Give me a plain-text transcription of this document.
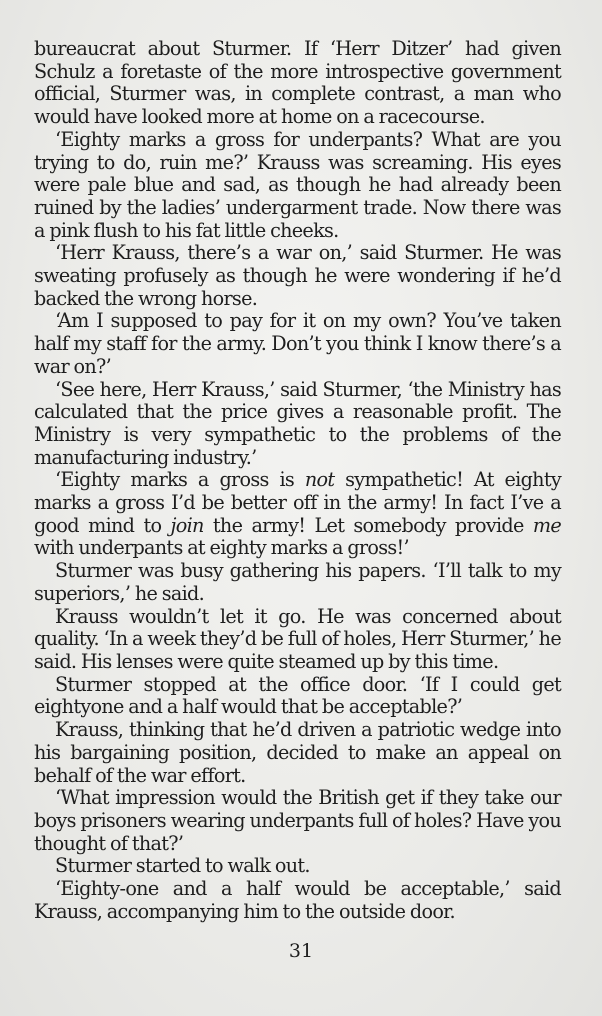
bureaucrat about Sturmer. If ‘Herr Ditzer’ had given Schulz a foretaste of the more introspective government official, Sturmer was, in complete contrast, a man who would have looked more at home on a racecourse.

‘Eighty marks a gross for underpants? What are you trying to do, ruin me?’ Krauss was screaming. His eyes were pale blue and sad, as though he had already been ruined by the ladies’ undergarment trade. Now there was a pink flush to his fat little cheeks.

‘Herr Krauss, there’s a war on,’ said Sturmer. He was sweating profusely as though he were wondering if he’d backed the wrong horse.

‘Am I supposed to pay for it on my own? You’ve taken half my staff for the army. Don’t you think I know there’s a war on?’

‘See here, Herr Krauss,’ said Sturmer, ‘the Ministry has calculated that the price gives a reasonable profit. The Ministry is very sympathetic to the problems of the manufacturing industry.’

‘Eighty marks a gross is not sympathetic! At eighty marks a gross I’d be better off in the army! In fact I’ve a good mind to join the army! Let somebody provide me with underpants at eighty marks a gross!’

Sturmer was busy gathering his papers. ‘I’ll talk to my superiors,’ he said.

Krauss wouldn’t let it go. He was concerned about quality. ‘In a week they’d be full of holes, Herr Sturmer,’ he said. His lenses were quite steamed up by this time.

Sturmer stopped at the office door. ‘If I could get eightyone and a half would that be acceptable?’

Krauss, thinking that he’d driven a patriotic wedge into his bargaining position, decided to make an appeal on behalf of the war effort.

‘What impression would the British get if they take our boys prisoners wearing underpants full of holes? Have you thought of that?’

Sturmer started to walk out.

‘Eighty-one and a half would be acceptable,’ said Krauss, accompanying him to the outside door.

31
